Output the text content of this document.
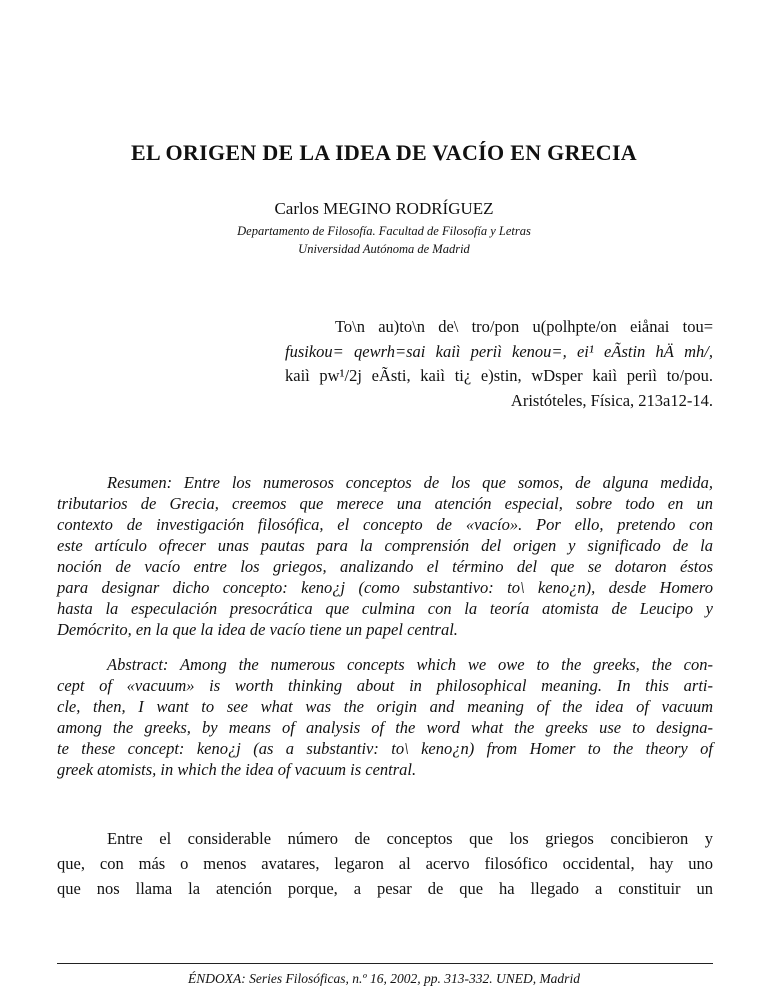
EL ORIGEN DE LA IDEA DE VACÍO EN GRECIA
Carlos MEGINO RODRÍGUEZ
Departamento de Filosofía. Facultad de Filosofía y Letras
Universidad Autónoma de Madrid
To\n au)to\n de\ tro/pon u(polhpte/on eiånai tou=
fusikou= qewrh=sai kaiì periì kenou=, ei¹ eÃstin hÄ mh/,
kaiì pw¹/2j eÃsti, kaiì ti¿ e)stin, wDsper kaiì periì to/pou.
Aristóteles, Física, 213a12-14.
Resumen: Entre los numerosos conceptos de los que somos, de alguna medida,
tributarios de Grecia, creemos que merece una atención especial, sobre todo en un
contexto de investigación filosófica, el concepto de «vacío». Por ello, pretendo con
este artículo ofrecer unas pautas para la comprensión del origen y significado de la
noción de vacío entre los griegos, analizando el término del que se dotaron éstos
para designar dicho concepto: keno¿j (como substantivo: to\ keno¿n), desde Homero
hasta la especulación presocrática que culmina con la teoría atomista de Leucipo y
Demócrito, en la que la idea de vacío tiene un papel central.
Abstract: Among the numerous concepts which we owe to the greeks, the con-
cept of «vacuum» is worth thinking about in philosophical meaning. In this arti-
cle, then, I want to see what was the origin and meaning of the idea of vacuum
among the greeks, by means of analysis of the word what the greeks use to designa-
te these concept: keno¿j (as a substantiv: to\ keno¿n) from Homer to the theory of
greek atomists, in which the idea of vacuum is central.
Entre el considerable número de conceptos que los griegos concibieron y
que, con más o menos avatares, legaron al acervo filosófico occidental, hay uno
que nos llama la atención porque, a pesar de que ha llegado a constituir un
ÉNDOXA: Series Filosóficas, n.º 16, 2002, pp. 313-332. UNED, Madrid
